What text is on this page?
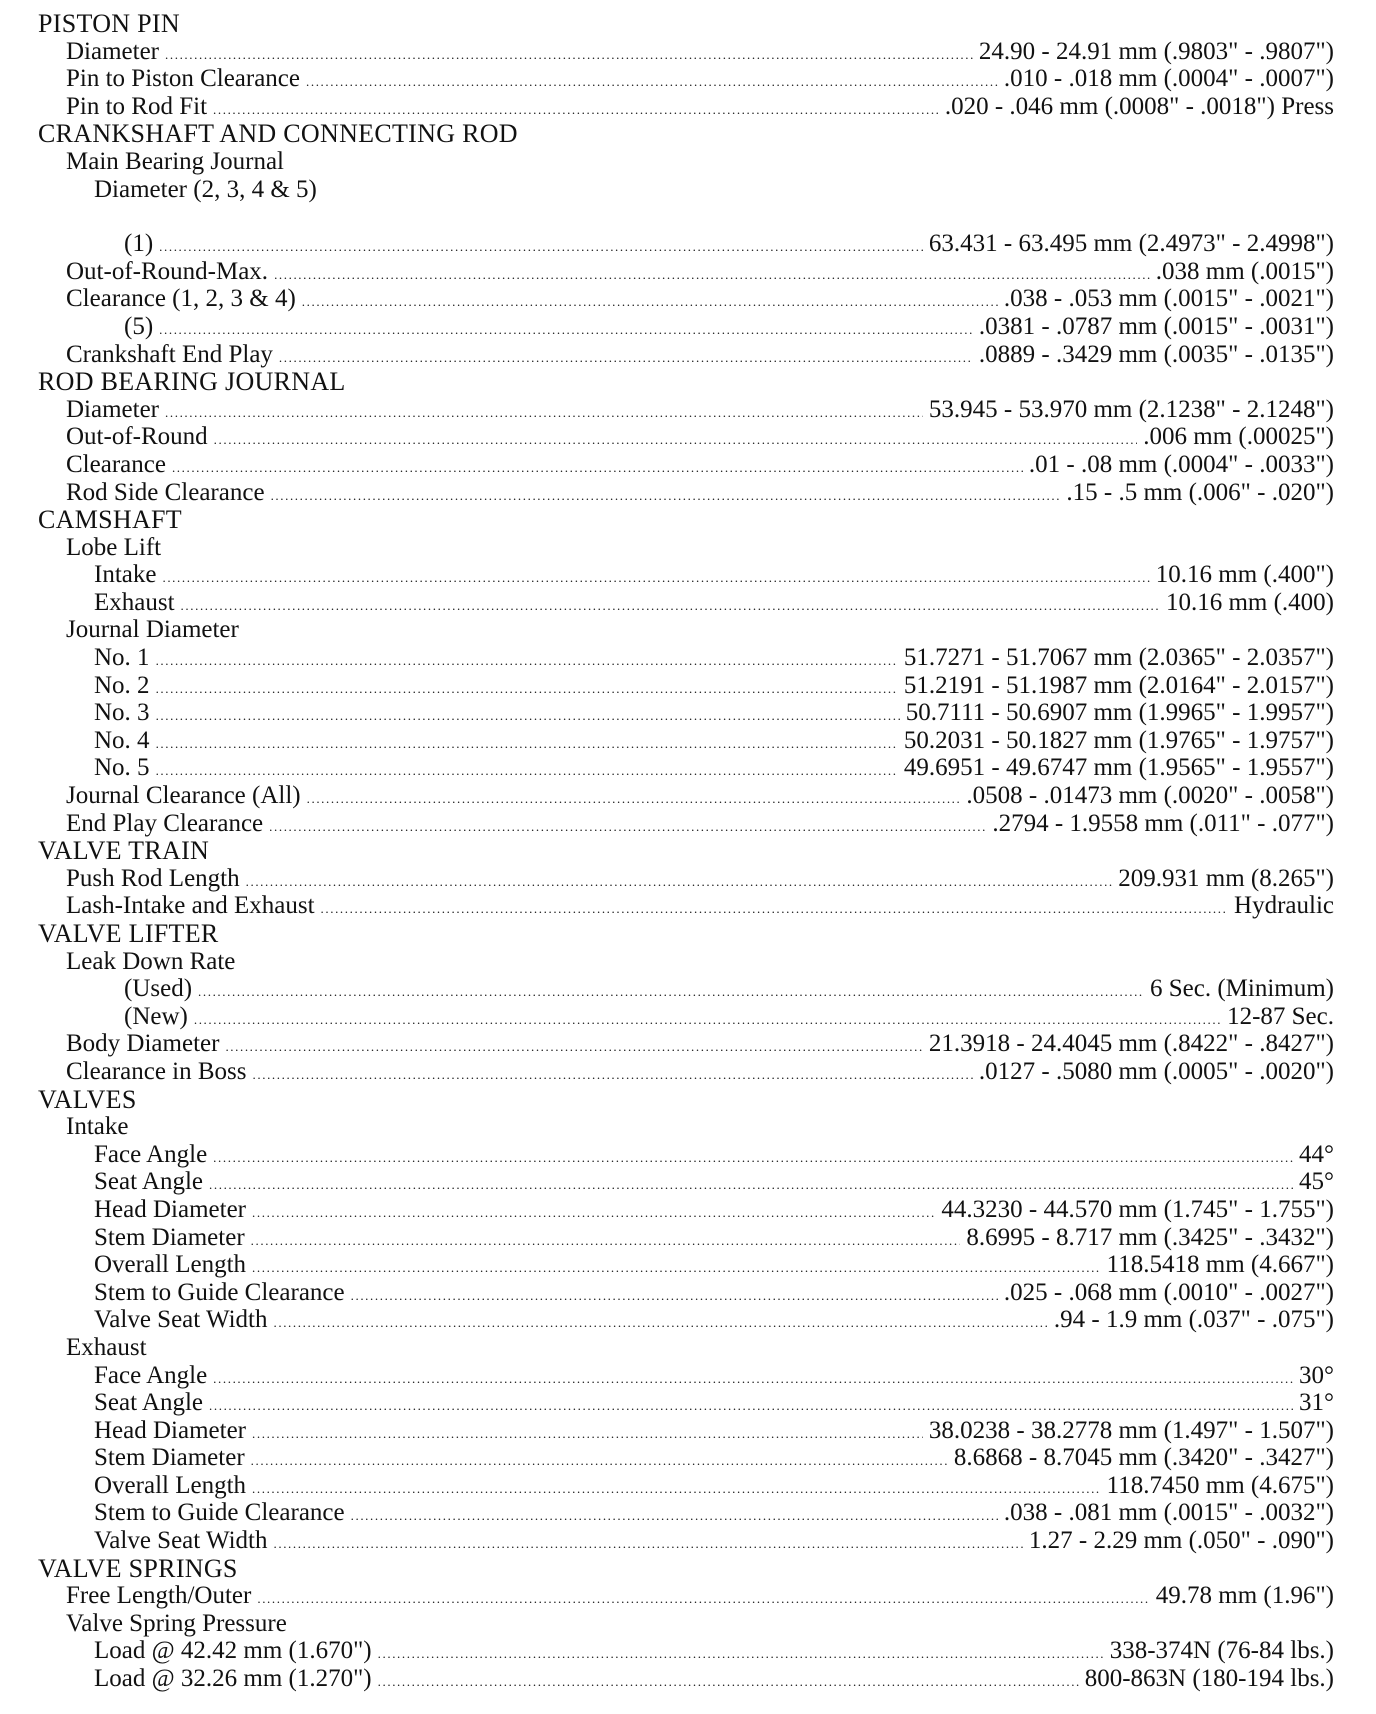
PISTON PIN
Diameter .....	24.90 - 24.91 mm (.9803" - .9807")
Pin to Piston Clearance .....	.010 - .018 mm (.0004" - .0007")
Pin to Rod Fit .....	.020 - .046 mm (.0008" - .0018") Press
CRANKSHAFT AND CONNECTING ROD
Main Bearing Journal
Diameter (2, 3, 4 & 5)
(1) .....	63.431 - 63.495 mm (2.4973" - 2.4998")
Out-of-Round-Max. .....	.038 mm (.0015")
Clearance (1, 2, 3 & 4) .....	.038 - .053 mm (.0015" - .0021")
(5) .....	.0381 - .0787 mm (.0015" - .0031")
Crankshaft End Play .....	.0889 - .3429 mm (.0035" - .0135")
ROD BEARING JOURNAL
Diameter .....	53.945 - 53.970 mm (2.1238" - 2.1248")
Out-of-Round .....	.006 mm (.00025")
Clearance .....	.01 - .08 mm (.0004" - .0033")
Rod Side Clearance .....	.15 - .5 mm (.006" - .020")
CAMSHAFT
Lobe Lift
Intake .....	10.16 mm (.400")
Exhaust .....	10.16 mm (.400)
Journal Diameter
No. 1 .....	51.7271 - 51.7067 mm (2.0365" - 2.0357")
No. 2 .....	51.2191 - 51.1987 mm (2.0164" - 2.0157")
No. 3 .....	50.7111 - 50.6907 mm (1.9965" - 1.9957")
No. 4 .....	50.2031 - 50.1827 mm (1.9765" - 1.9757")
No. 5 .....	49.6951 - 49.6747 mm (1.9565" - 1.9557")
Journal Clearance (All) .....	.0508 - .01473 mm (.0020" - .0058")
End Play Clearance .....	.2794 - 1.9558 mm (.011" - .077")
VALVE TRAIN
Push Rod Length .....	209.931 mm (8.265")
Lash-Intake and Exhaust .....	Hydraulic
VALVE LIFTER
Leak Down Rate
(Used) .....	6 Sec. (Minimum)
(New) .....	12-87 Sec.
Body Diameter .....	21.3918 - 24.4045 mm (.8422" - .8427")
Clearance in Boss .....	.0127 - .5080 mm (.0005" - .0020")
VALVES
Intake
Face Angle .....	44°
Seat Angle .....	45°
Head Diameter .....	44.3230 - 44.570 mm (1.745" - 1.755")
Stem Diameter .....	8.6995 - 8.717 mm (.3425" - .3432")
Overall Length .....	118.5418 mm (4.667")
Stem to Guide Clearance .....	.025 - .068 mm (.0010" - .0027")
Valve Seat Width .....	.94 - 1.9 mm (.037" - .075")
Exhaust
Face Angle .....	30°
Seat Angle .....	31°
Head Diameter .....	38.0238 - 38.2778 mm (1.497" - 1.507")
Stem Diameter .....	8.6868 - 8.7045 mm (.3420" - .3427")
Overall Length .....	118.7450 mm (4.675")
Stem to Guide Clearance .....	.038 - .081 mm (.0015" - .0032")
Valve Seat Width .....	1.27 - 2.29 mm (.050" - .090")
VALVE SPRINGS
Free Length/Outer .....	49.78 mm (1.96")
Valve Spring Pressure
Load @ 42.42 mm (1.670") .....	338-374N (76-84 lbs.)
Load @ 32.26 mm (1.270") .....	800-863N (180-194 lbs.)
